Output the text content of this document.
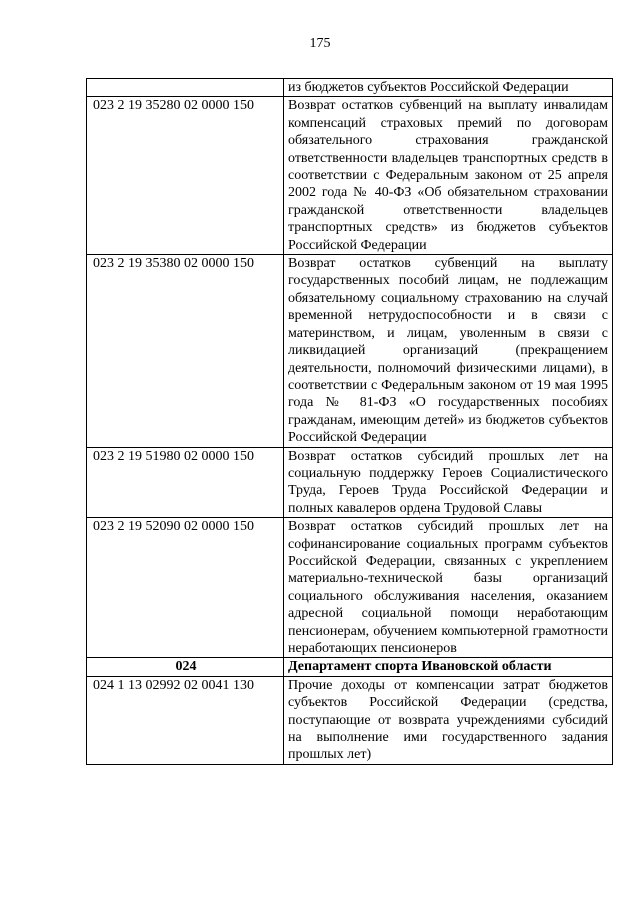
175
	из бюджетов субъектов Российской Федерации
023 2 19 35280 02 0000 150	Возврат остатков субвенций на выплату инвалидам компенсаций страховых премий по договорам обязательного страхования гражданской ответственности владельцев транспортных средств в соответствии с Федеральным законом от 25 апреля 2002 года № 40-ФЗ «Об обязательном страховании гражданской ответственности владельцев транспортных средств» из бюджетов субъектов Российской Федерации
023 2 19 35380 02 0000 150	Возврат остатков субвенций на выплату государственных пособий лицам, не подлежащим обязательному социальному страхованию на случай временной нетрудоспособности и в связи с материнством, и лицам, уволенным в связи с ликвидацией организаций (прекращением деятельности, полномочий физическими лицами), в соответствии с Федеральным законом от 19 мая 1995 года № 81-ФЗ «О государственных пособиях гражданам, имеющим детей» из бюджетов субъектов Российской Федерации
023 2 19 51980 02 0000 150	Возврат остатков субсидий прошлых лет на социальную поддержку Героев Социалистического Труда, Героев Труда Российской Федерации и полных кавалеров ордена Трудовой Славы
023 2 19 52090 02 0000 150	Возврат остатков субсидий прошлых лет на софинансирование социальных программ субъектов Российской Федерации, связанных с укреплением материально-технической базы организаций социального обслуживания населения, оказанием адресной социальной помощи неработающим пенсионерам, обучением компьютерной грамотности неработающих пенсионеров
024	Департамент спорта Ивановской области
024 1 13 02992 02 0041 130	Прочие доходы от компенсации затрат бюджетов субъектов Российской Федерации (средства, поступающие от возврата учреждениями субсидий на выполнение ими государственного задания прошлых лет)
